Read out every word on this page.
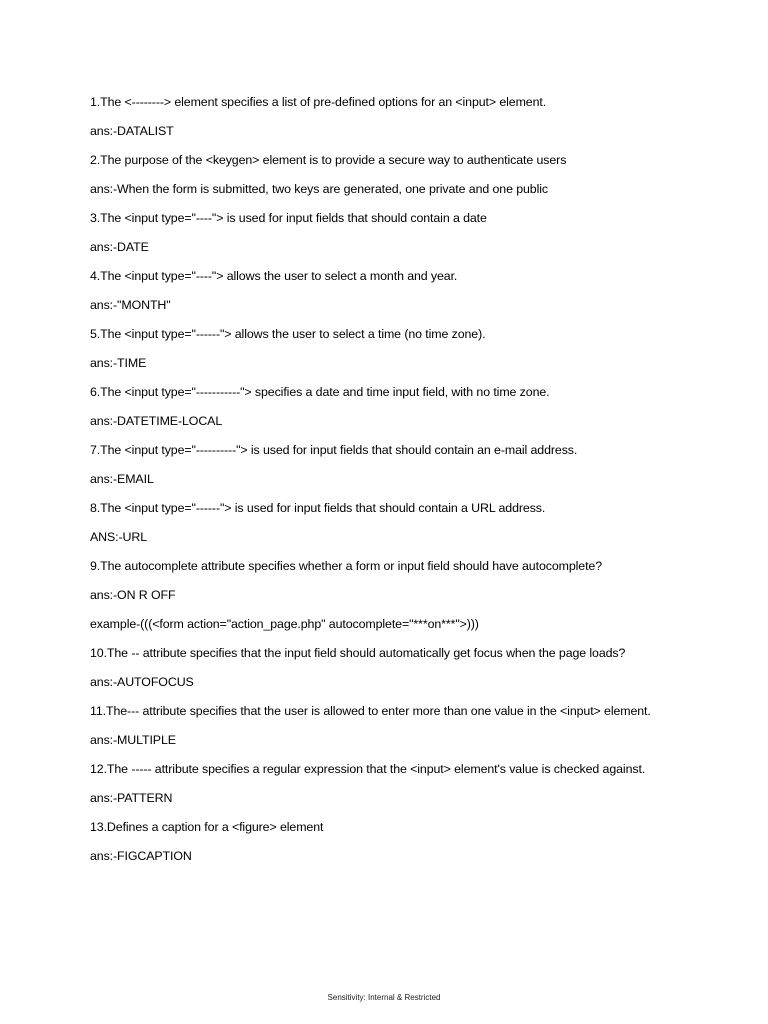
1.The <--------> element specifies a list of pre-defined options for an <input> element.

ans:-DATALIST

2.The purpose of the <keygen> element is to provide a secure way to authenticate users

ans:-When the form is submitted, two keys are generated, one private and one public

3.The <input type="----"> is used for input fields that should contain a date

ans:-DATE

4.The <input type="----"> allows the user to select a month and year.

ans:-"MONTH"

5.The <input type="------"> allows the user to select a time (no time zone).

ans:-TIME

6.The <input type="-----------"> specifies a date and time input field, with no time zone.

ans:-DATETIME-LOCAL

7.The <input type="----------"> is used for input fields that should contain an e-mail address.

ans:-EMAIL

8.The <input type="------"> is used for input fields that should contain a URL address.

ANS:-URL

9.The autocomplete attribute specifies whether a form or input field should have autocomplete?

ans:-ON R OFF

example-(((<form action="action_page.php" autocomplete="***on***">)))

10.The -- attribute specifies that the input field should automatically get focus when the page loads?

ans:-AUTOFOCUS

11.The--- attribute specifies that the user is allowed to enter more than one value in the <input> element.

ans:-MULTIPLE

12.The ----- attribute specifies a regular expression that the <input> element's value is checked against.

ans:-PATTERN

13.Defines a caption for a <figure> element

ans:-FIGCAPTION

Sensitivity: Internal & Restricted
